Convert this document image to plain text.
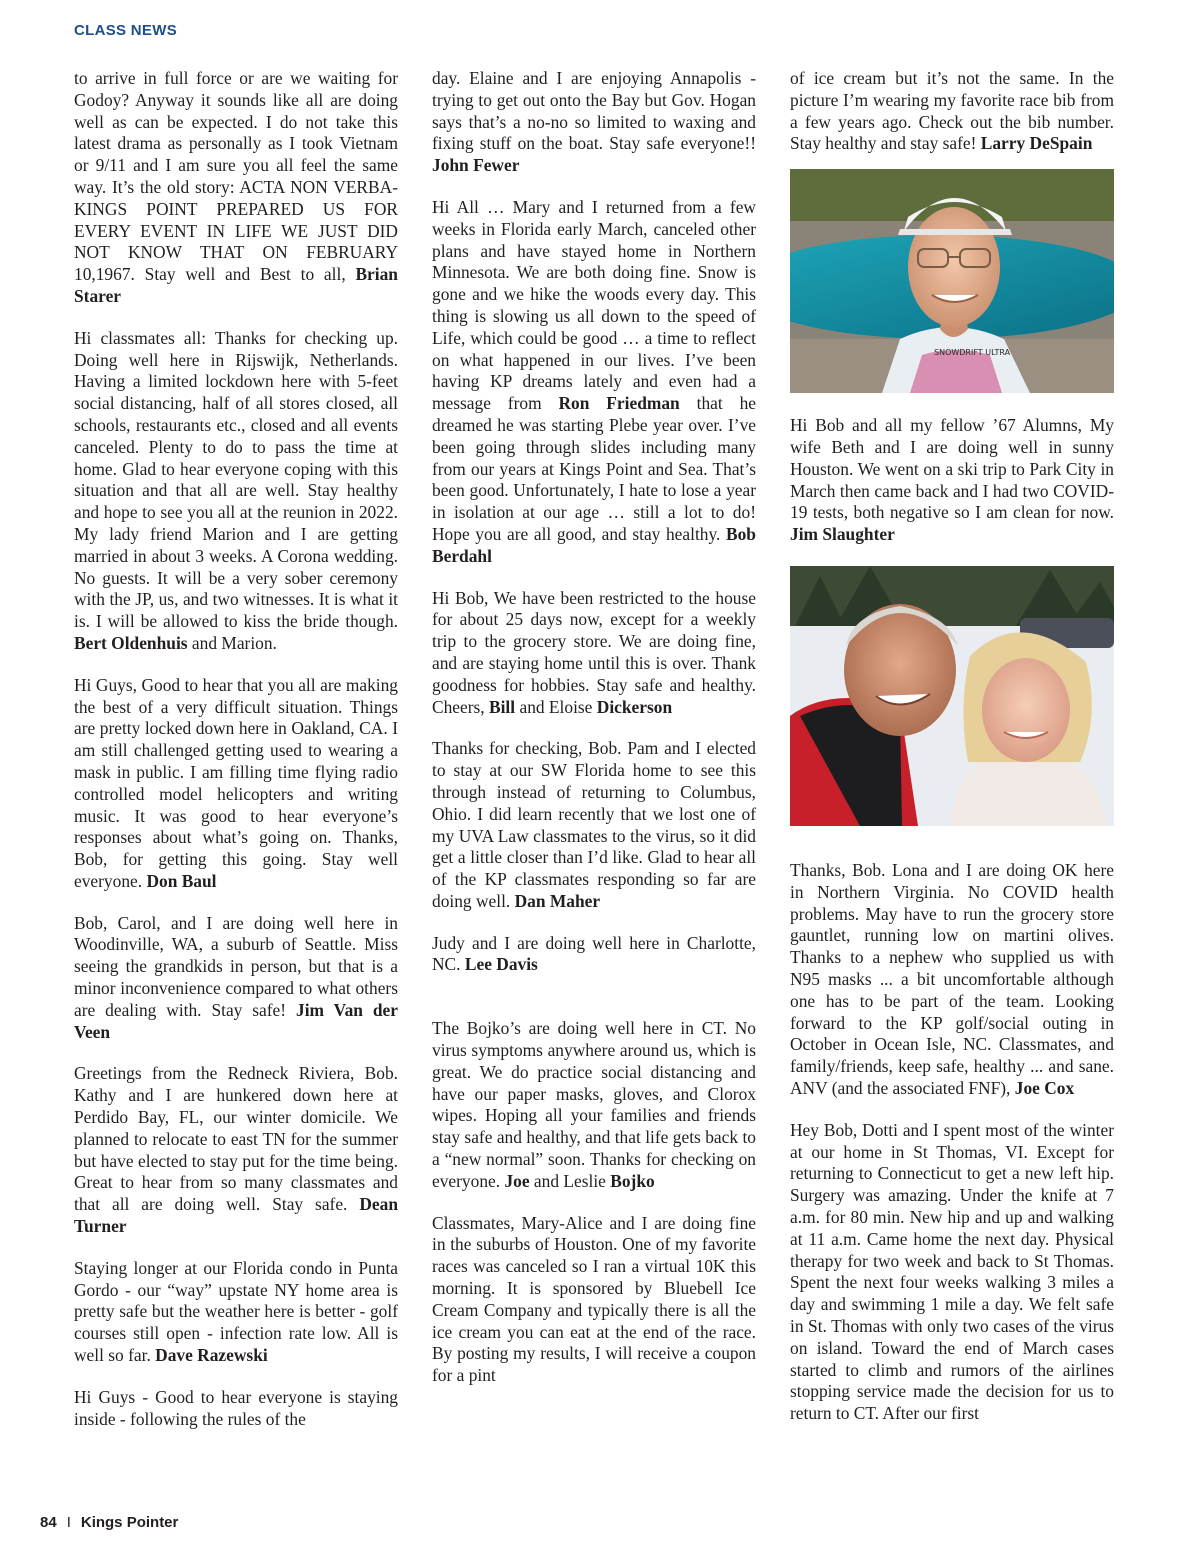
CLASS NEWS

to arrive in full force or are we waiting for Godoy? Anyway it sounds like all are doing well as can be expected. I do not take this latest drama as personally as I took Vietnam or 9/11 and I am sure you all feel the same way. It’s the old story: ACTA NON VERBA-KINGS POINT PREPARED US FOR EVERY EVENT IN LIFE WE JUST DID NOT KNOW THAT ON FEBRUARY 10,1967. Stay well and Best to all, Brian Starer

Hi classmates all: Thanks for checking up. Doing well here in Rijswijk, Netherlands. Having a limited lockdown here with 5-feet social distancing, half of all stores closed, all schools, restaurants etc., closed and all events canceled. Plenty to do to pass the time at home. Glad to hear everyone coping with this situation and that all are well. Stay healthy and hope to see you all at the reunion in 2022. My lady friend Marion and I are getting married in about 3 weeks. A Corona wedding. No guests. It will be a very sober ceremony with the JP, us, and two witnesses. It is what it is. I will be allowed to kiss the bride though. Bert Oldenhuis and Marion.

Hi Guys, Good to hear that you all are making the best of a very difficult situation. Things are pretty locked down here in Oakland, CA. I am still challenged getting used to wearing a mask in public. I am filling time flying radio controlled model helicopters and writing music. It was good to hear everyone’s responses about what’s going on. Thanks, Bob, for getting this going. Stay well everyone. Don Baul

Bob, Carol, and I are doing well here in Woodinville, WA, a suburb of Seattle. Miss seeing the grandkids in person, but that is a minor inconvenience compared to what others are dealing with. Stay safe! Jim Van der Veen

Greetings from the Redneck Riviera, Bob. Kathy and I are hunkered down here at Perdido Bay, FL, our winter domicile. We planned to relocate to east TN for the summer but have elected to stay put for the time being. Great to hear from so many classmates and that all are doing well. Stay safe. Dean Turner

Staying longer at our Florida condo in Punta Gordo - our “way” upstate NY home area is pretty safe but the weather here is better - golf courses still open - infection rate low. All is well so far. Dave Razewski

Hi Guys - Good to hear everyone is staying inside - following the rules of the

day. Elaine and I are enjoying Annapolis - trying to get out onto the Bay but Gov. Hogan says that’s a no-no so limited to waxing and fixing stuff on the boat. Stay safe everyone!! John Fewer

Hi All … Mary and I returned from a few weeks in Florida early March, canceled other plans and have stayed home in Northern Minnesota. We are both doing fine. Snow is gone and we hike the woods every day. This thing is slowing us all down to the speed of Life, which could be good … a time to reflect on what happened in our lives. I’ve been having KP dreams lately and even had a message from Ron Friedman that he dreamed he was starting Plebe year over. I’ve been going through slides including many from our years at Kings Point and Sea. That’s been good. Unfortunately, I hate to lose a year in isolation at our age … still a lot to do! Hope you are all good, and stay healthy. Bob Berdahl

Hi Bob, We have been restricted to the house for about 25 days now, except for a weekly trip to the grocery store. We are doing fine, and are staying home until this is over. Thank goodness for hobbies. Stay safe and healthy. Cheers, Bill and Eloise Dickerson

Thanks for checking, Bob. Pam and I elected to stay at our SW Florida home to see this through instead of returning to Columbus, Ohio. I did learn recently that we lost one of my UVA Law classmates to the virus, so it did get a little closer than I’d like. Glad to hear all of the KP classmates responding so far are doing well. Dan Maher

Judy and I are doing well here in Charlotte, NC. Lee Davis

The Bojko’s are doing well here in CT. No virus symptoms anywhere around us, which is great. We do practice social distancing and have our paper masks, gloves, and Clorox wipes. Hoping all your families and friends stay safe and healthy, and that life gets back to a “new normal” soon. Thanks for checking on everyone. Joe and Leslie Bojko

Classmates, Mary-Alice and I are doing fine in the suburbs of Houston. One of my favorite races was canceled so I ran a virtual 10K this morning. It is sponsored by Bluebell Ice Cream Company and typically there is all the ice cream you can eat at the end of the race. By posting my results, I will receive a coupon for a pint

of ice cream but it’s not the same. In the picture I’m wearing my favorite race bib from a few years ago. Check out the bib number. Stay healthy and stay safe! Larry DeSpain

SNOWDRIFT ULTRA

Hi Bob and all my fellow ’67 Alumns, My wife Beth and I are doing well in sunny Houston. We went on a ski trip to Park City in March then came back and I had two COVID-19 tests, both negative so I am clean for now. Jim Slaughter

Thanks, Bob. Lona and I are doing OK here in Northern Virginia. No COVID health problems. May have to run the grocery store gauntlet, running low on martini olives. Thanks to a nephew who supplied us with N95 masks ... a bit uncomfortable although one has to be part of the team. Looking forward to the KP golf/social outing in October in Ocean Isle, NC. Classmates, and family/friends, keep safe, healthy ... and sane. ANV (and the associated FNF), Joe Cox

Hey Bob, Dotti and I spent most of the winter at our home in St Thomas, VI. Except for returning to Connecticut to get a new left hip. Surgery was amazing. Under the knife at 7 a.m. for 80 min. New hip and up and walking at 11 a.m. Came home the next day. Physical therapy for two week and back to St Thomas. Spent the next four weeks walking 3 miles a day and swimming 1 mile a day. We felt safe in St. Thomas with only two cases of the virus on island. Toward the end of March cases started to climb and rumors of the airlines stopping service made the decision for us to return to CT. After our first

84 I Kings Pointer
